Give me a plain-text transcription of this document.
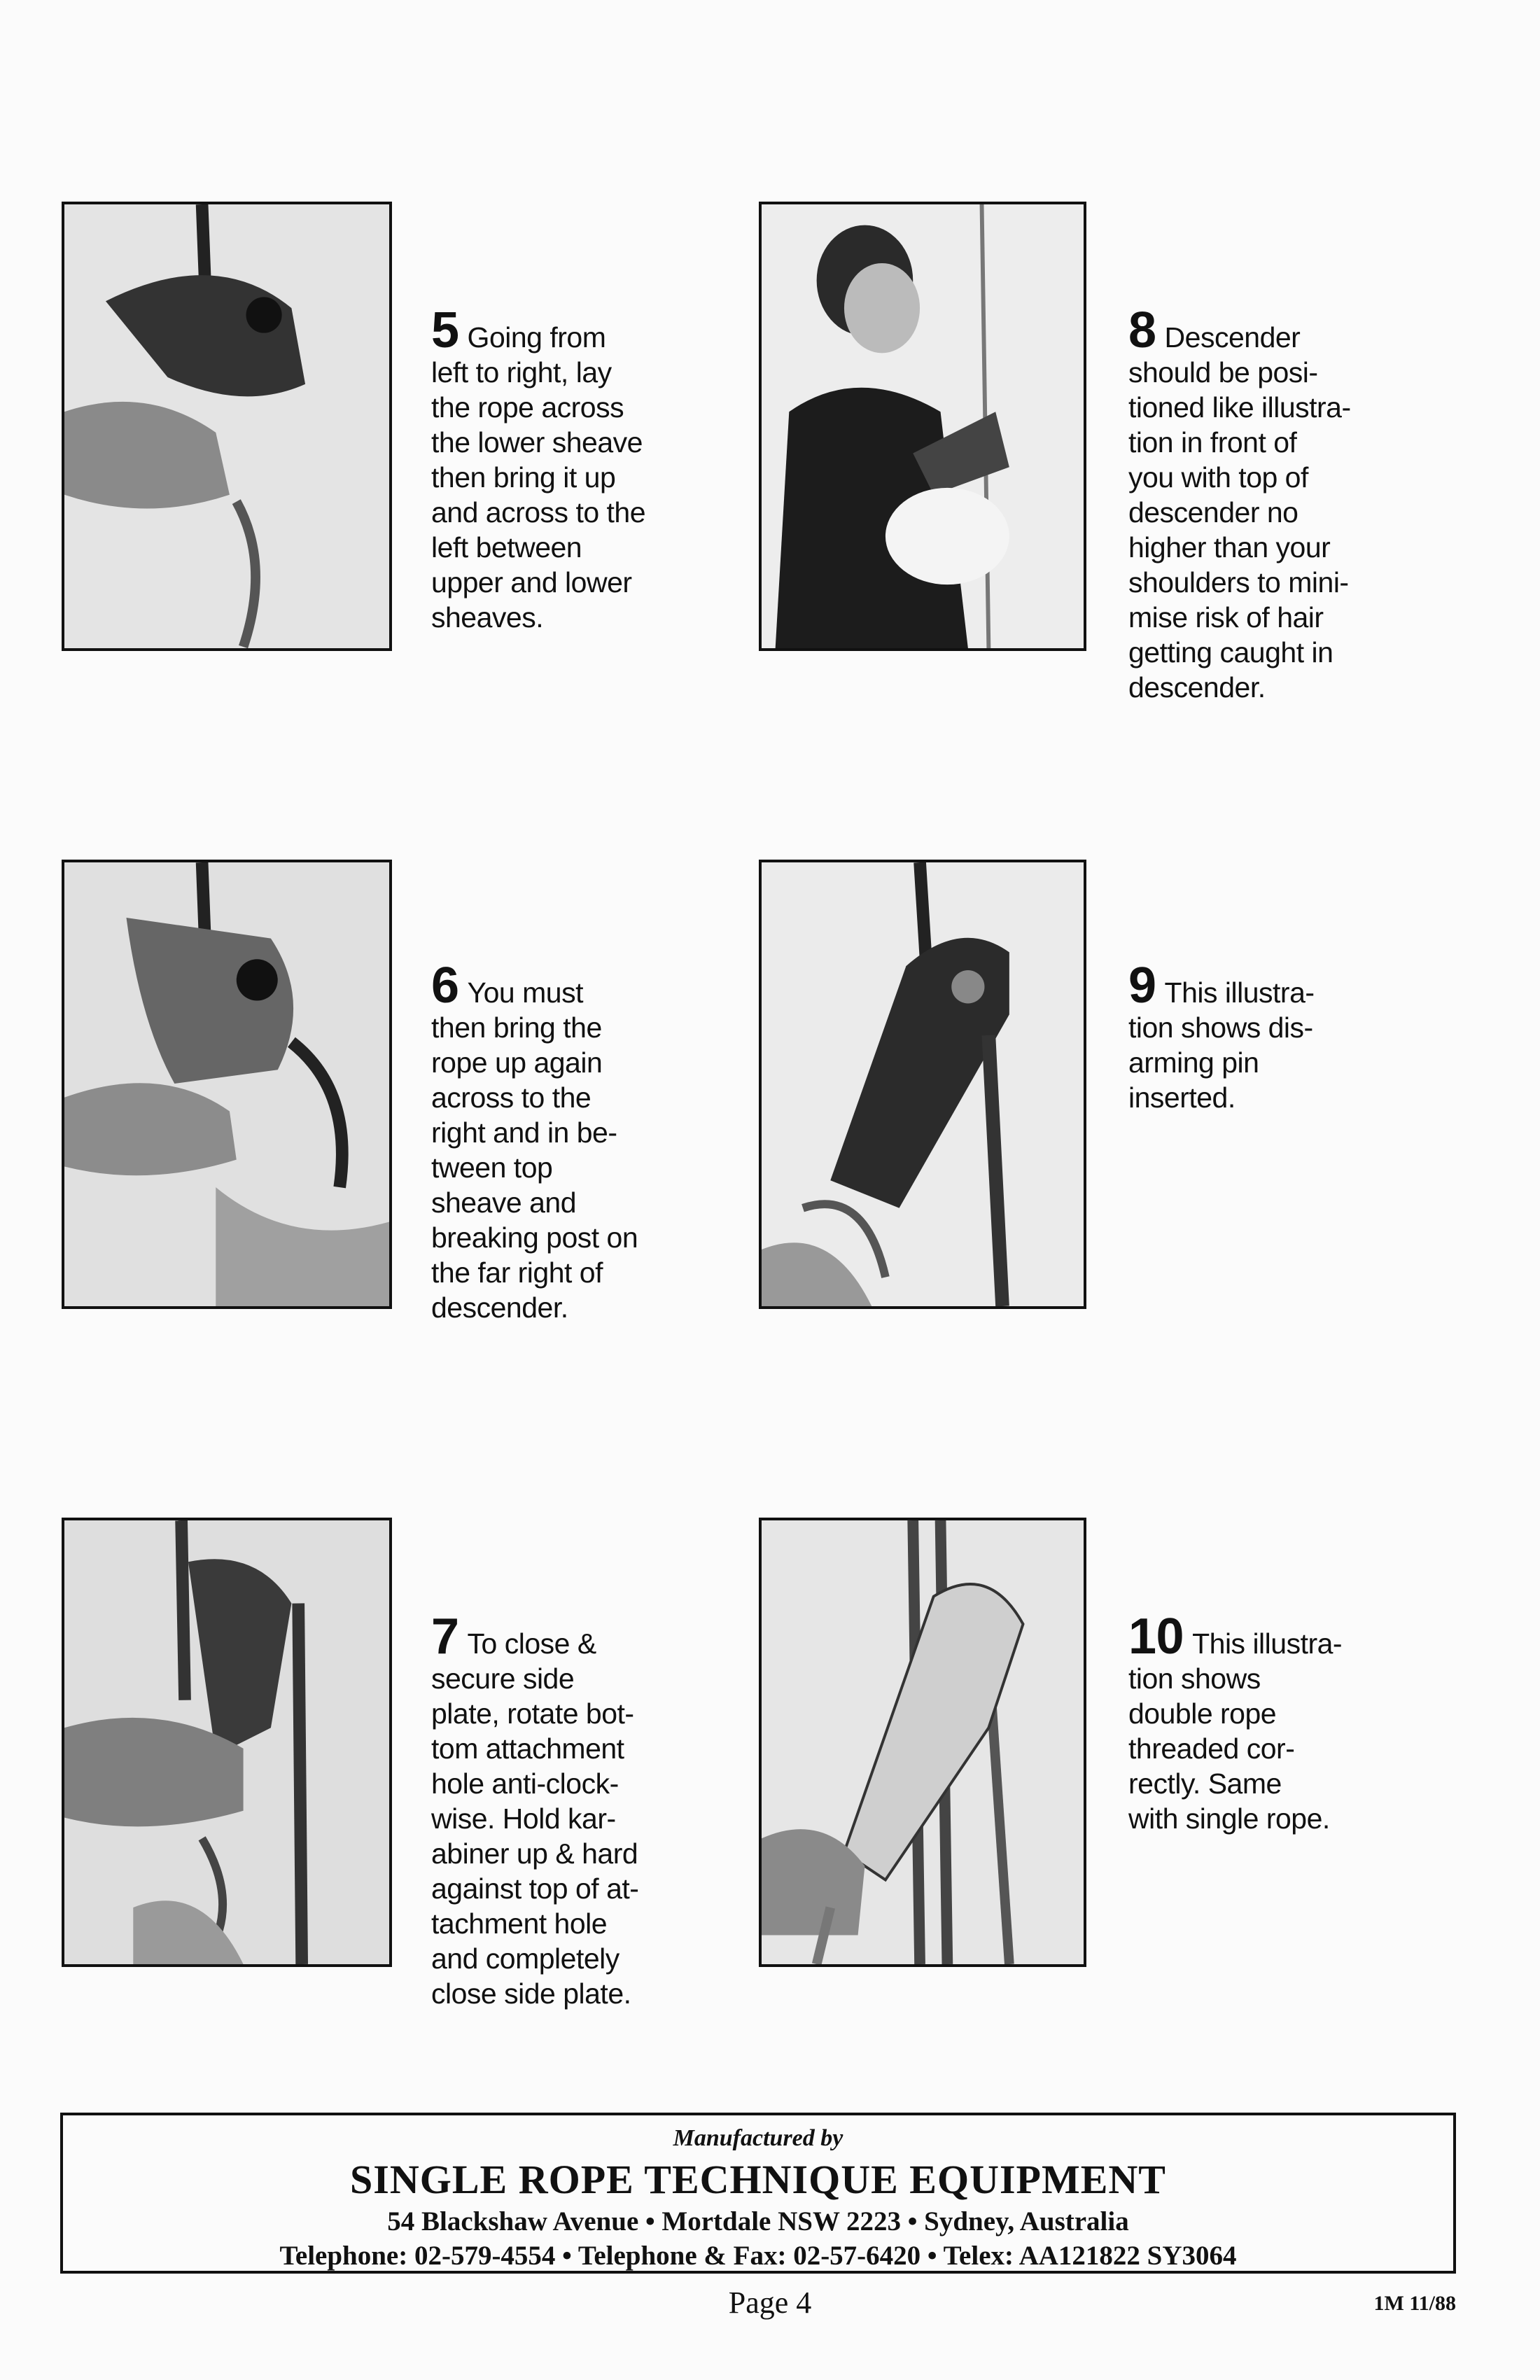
5 Going from
left to right, lay
the rope across
the lower sheave
then bring it up
and across to the
left between
upper and lower
sheaves.

8 Descender
should be posi-
tioned like illustra-
tion in front of
you with top of
descender no
higher than your
shoulders to mini-
mise risk of hair
getting caught in
descender.

6 You must
then bring the
rope up again
across to the
right and in be-
tween top
sheave and
breaking post on
the far right of
descender.

9 This illustra-
tion shows dis-
arming pin
inserted.

7 To close &
secure side
plate, rotate bot-
tom attachment
hole anti-clock-
wise. Hold kar-
abiner up & hard
against top of at-
tachment hole
and completely
close side plate.

10 This illustra-
tion shows
double rope
threaded cor-
rectly. Same
with single rope.

Manufactured by
SINGLE ROPE TECHNIQUE EQUIPMENT
54 Blackshaw Avenue • Mortdale NSW 2223 • Sydney, Australia
Telephone: 02-579-4554 • Telephone & Fax: 02-57-6420 • Telex: AA121822 SY3064
Page 4	1M 11/88
